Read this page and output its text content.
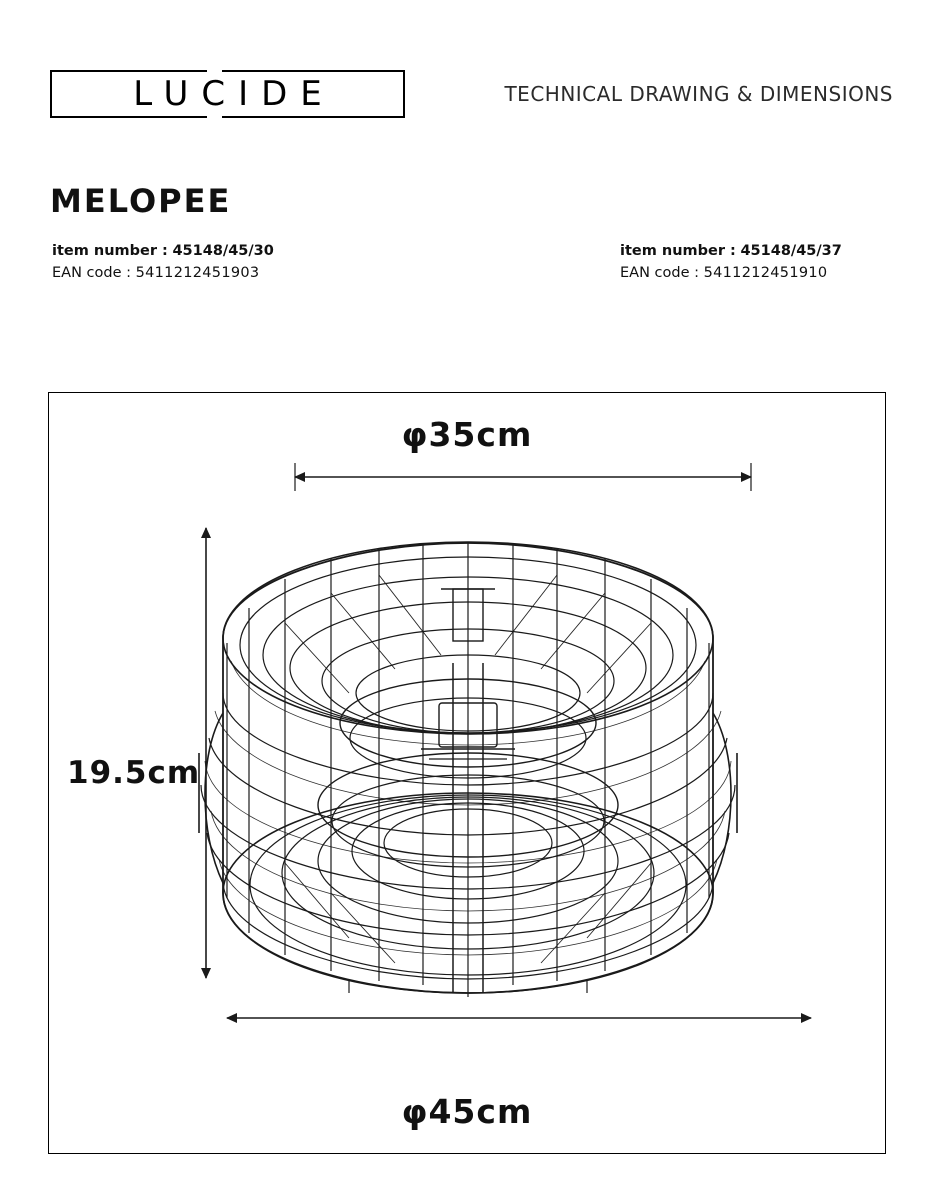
LUCIDE	TECHNICAL DRAWING & DIMENSIONS
MELOPEE
item number : 45148/45/30
EAN code : 5411212451903
item number : 45148/45/37
EAN code : 5411212451910
φ35cm
19.5cm
φ45cm
